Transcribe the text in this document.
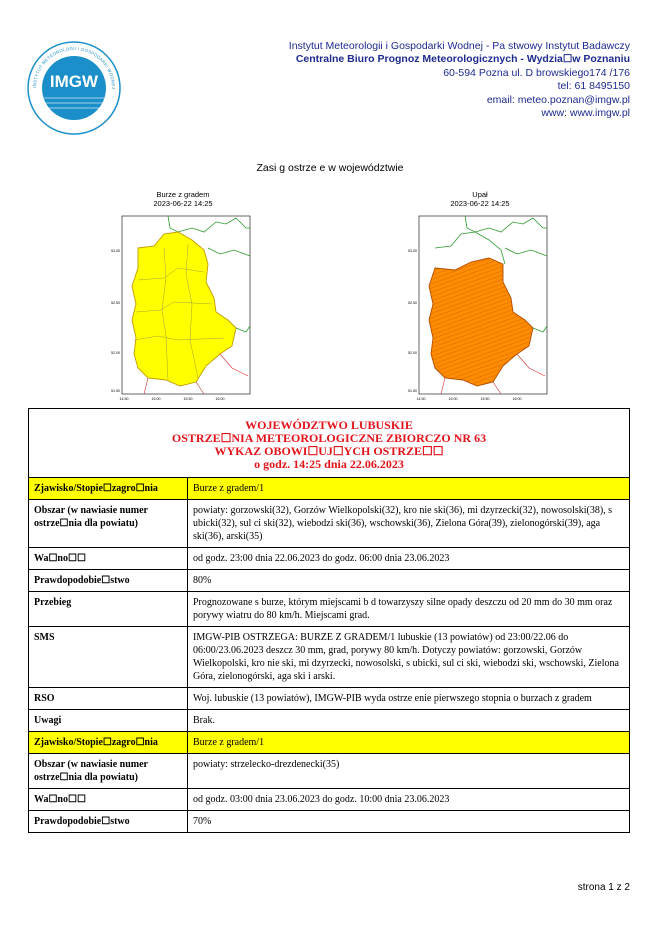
IMGW
INSTYTUT METEOROLOGII I GOSPODARKI WODNEJ
Instytut Meteorologii i Gospodarki Wodnej - Pa stwowy Instytut Badawczy
Centralne Biuro Prognoz Meteorologicznych - Wydzia☐w Poznaniu
60-594 Pozna ul. D browskiego174 /176
tel: 61 8495150
email: meteo.poznan@imgw.pl
www: www.imgw.pl
Zasi g ostrze e w województwie
Burze z gradem
2023-06-22 14:25
53.00
52.50
52.00
51.50
14.50	15.00	15.50	16.00
Upał
2023-06-22 14:25
53.00
52.50
52.00
51.50
14.50	15.00	15.50	16.00
WOJEWÓDZTWO LUBUSKIE
OSTRZE☐NIA METEOROLOGICZNE ZBIORCZO NR 63
WYKAZ OBOWI☐UJ☐YCH OSTRZE☐☐
o godz. 14:25 dnia 22.06.2023	

Zjawisko/Stopie☐zagro☐nia	Burze z gradem/1
Obszar (w nawiasie numer ostrze☐nia dla powiatu)	powiaty: gorzowski(32), Gorzów Wielkopolski(32), kro nie ski(36), mi dzyrzecki(32), nowosolski(38), s ubicki(32), sul ci ski(32), wiebodzi ski(36), wschowski(36), Zielona Góra(39), zielonogórski(39), aga ski(36), arski(35)
Wa☐no☐☐	od godz. 23:00 dnia 22.06.2023 do godz. 06:00 dnia 23.06.2023
Prawdopodobie☐stwo	80%
Przebieg	Prognozowane s burze, którym miejscami b d towarzyszy silne opady deszczu od 20 mm do 30 mm oraz porywy wiatru do 80 km/h. Miejscami grad.
SMS	IMGW-PIB OSTRZEGA: BURZE Z GRADEM/1 lubuskie (13 powiatów) od 23:00/22.06 do 06:00/23.06.2023 deszcz 30 mm, grad, porywy 80 km/h. Dotyczy powiatów: gorzowski, Gorzów Wielkopolski, kro nie ski, mi dzyrzecki, nowosolski, s ubicki, sul ci ski, wiebodzi ski, wschowski, Zielona Góra, zielonogórski, aga ski i arski.
RSO	Woj. lubuskie (13 powiatów), IMGW-PIB wyda ostrze enie pierwszego stopnia o burzach z gradem
Uwagi	Brak.
Zjawisko/Stopie☐zagro☐nia	Burze z gradem/1
Obszar (w nawiasie numer ostrze☐nia dla powiatu)	powiaty: strzelecko-drezdenecki(35)
Wa☐no☐☐	od godz. 03:00 dnia 23.06.2023 do godz. 10:00 dnia 23.06.2023
Prawdopodobie☐stwo	70%
strona 1 z 2
